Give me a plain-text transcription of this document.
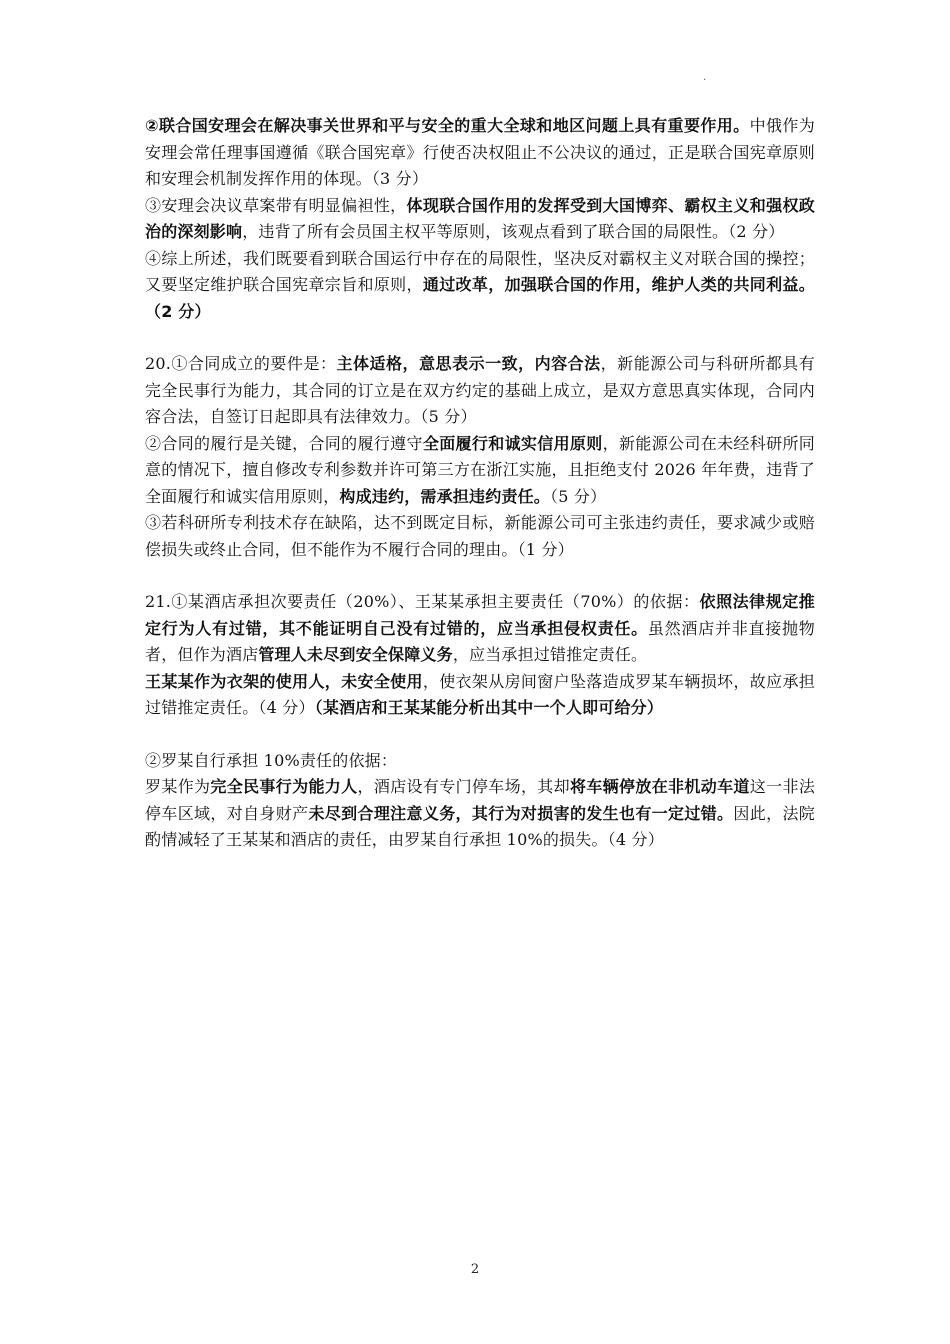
.

②联合国安理会在解决事关世界和平与安全的重大全球和地区问题上具有重要作用。中俄作为安理会常任理事国遵循《联合国宪章》行使否决权阻止不公决议的通过，正是联合国宪章原则和安理会机制发挥作用的体现。（3 分）

③安理会决议草案带有明显偏袒性，体现联合国作用的发挥受到大国博弈、霸权主义和强权政治的深刻影响，违背了所有会员国主权平等原则，该观点看到了联合国的局限性。（2 分）

④综上所述，我们既要看到联合国运行中存在的局限性，坚决反对霸权主义对联合国的操控；又要坚定维护联合国宪章宗旨和原则，通过改革，加强联合国的作用，维护人类的共同利益。（2 分）

20.①合同成立的要件是：主体适格，意思表示一致，内容合法，新能源公司与科研所都具有完全民事行为能力，其合同的订立是在双方约定的基础上成立，是双方意思真实体现，合同内容合法，自签订日起即具有法律效力。（5 分）

②合同的履行是关键，合同的履行遵守全面履行和诚实信用原则，新能源公司在未经科研所同意的情况下，擅自修改专利参数并许可第三方在浙江实施，且拒绝支付 2026 年年费，违背了全面履行和诚实信用原则，构成违约，需承担违约责任。（5 分）

③若科研所专利技术存在缺陷，达不到既定目标，新能源公司可主张违约责任，要求减少或赔偿损失或终止合同，但不能作为不履行合同的理由。（1 分）

21.①某酒店承担次要责任（20%）、王某某承担主要责任（70%）的依据：依照法律规定推定行为人有过错，其不能证明自己没有过错的，应当承担侵权责任。虽然酒店并非直接抛物者，但作为酒店管理人未尽到安全保障义务，应当承担过错推定责任。

王某某作为衣架的使用人，未安全使用，使衣架从房间窗户坠落造成罗某车辆损坏，故应承担过错推定责任。（4 分）（某酒店和王某某能分析出其中一个人即可给分）

②罗某自行承担 10%责任的依据：

罗某作为完全民事行为能力人，酒店设有专门停车场，其却将车辆停放在非机动车道这一非法停车区域，对自身财产未尽到合理注意义务，其行为对损害的发生也有一定过错。因此，法院酌情减轻了王某某和酒店的责任，由罗某自行承担 10%的损失。（4 分）

2
